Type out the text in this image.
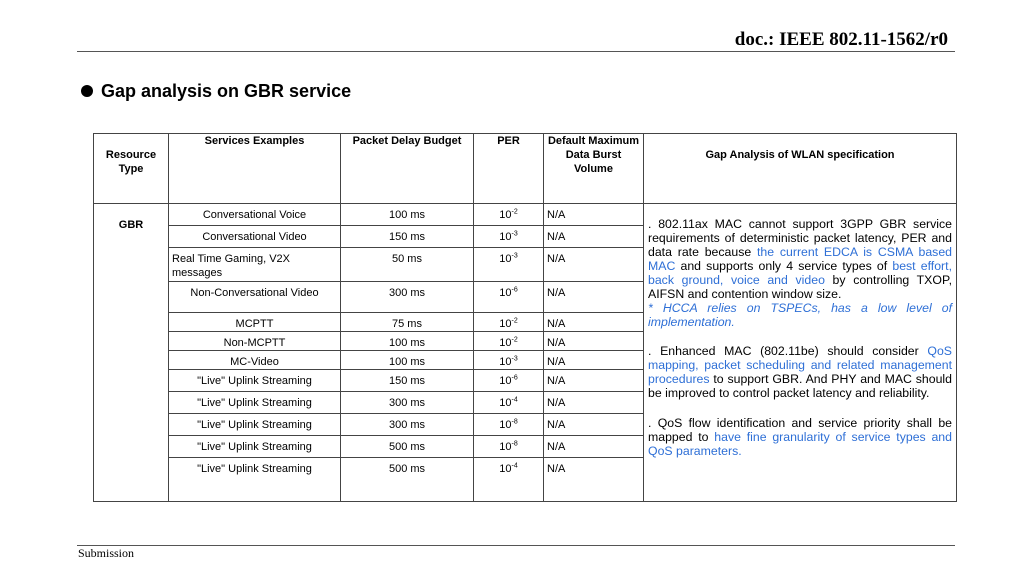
doc.: IEEE 802.11-1562/r0
Gap analysis on GBR service
Resource Type	Services Examples	Packet Delay Budget	PER	Default Maximum Data Burst Volume	Gap Analysis of WLAN specification
GBR	Conversational Voice	100 ms	$10^{-2}$	N/A	. 802.11ax MAC cannot support 3GPP GBR service requirements of deterministic packet latency, PER and data rate because the current EDCA is CSMA based MAC and supports only 4 service types of best effort, back ground, voice and video by controlling TXOP, AIFSN and contention window size.
* HCCA relies on TSPECs, has a low level of implementation.

. Enhanced MAC (802.11be) should consider QoS mapping, packet scheduling and related management procedures to support GBR. And PHY and MAC should be improved to control packet latency and reliability.

. QoS flow identification and service priority shall be mapped to have fine granularity of service types and QoS parameters.

	Conversational Video	150 ms	$10^{-3}$	N/A	
	Real Time Gaming, V2X messages	50 ms	$10^{-3}$	N/A	
	Non-Conversational Video	300 ms	$10^{-6}$	N/A	
	MCPTT	75 ms	$10^{-2}$	N/A	
	Non-MCPTT	100 ms	$10^{-2}$	N/A	
	MC-Video	100 ms	$10^{-3}$	N/A	
	"Live" Uplink Streaming	150 ms	$10^{-6}$	N/A	
	"Live" Uplink Streaming	300 ms	$10^{-4}$	N/A	
	"Live" Uplink Streaming	300 ms	$10^{-8}$	N/A	
	"Live" Uplink Streaming	500 ms	$10^{-8}$	N/A	
	"Live" Uplink Streaming	500 ms	$10^{-4}$	N/A	
Submission
